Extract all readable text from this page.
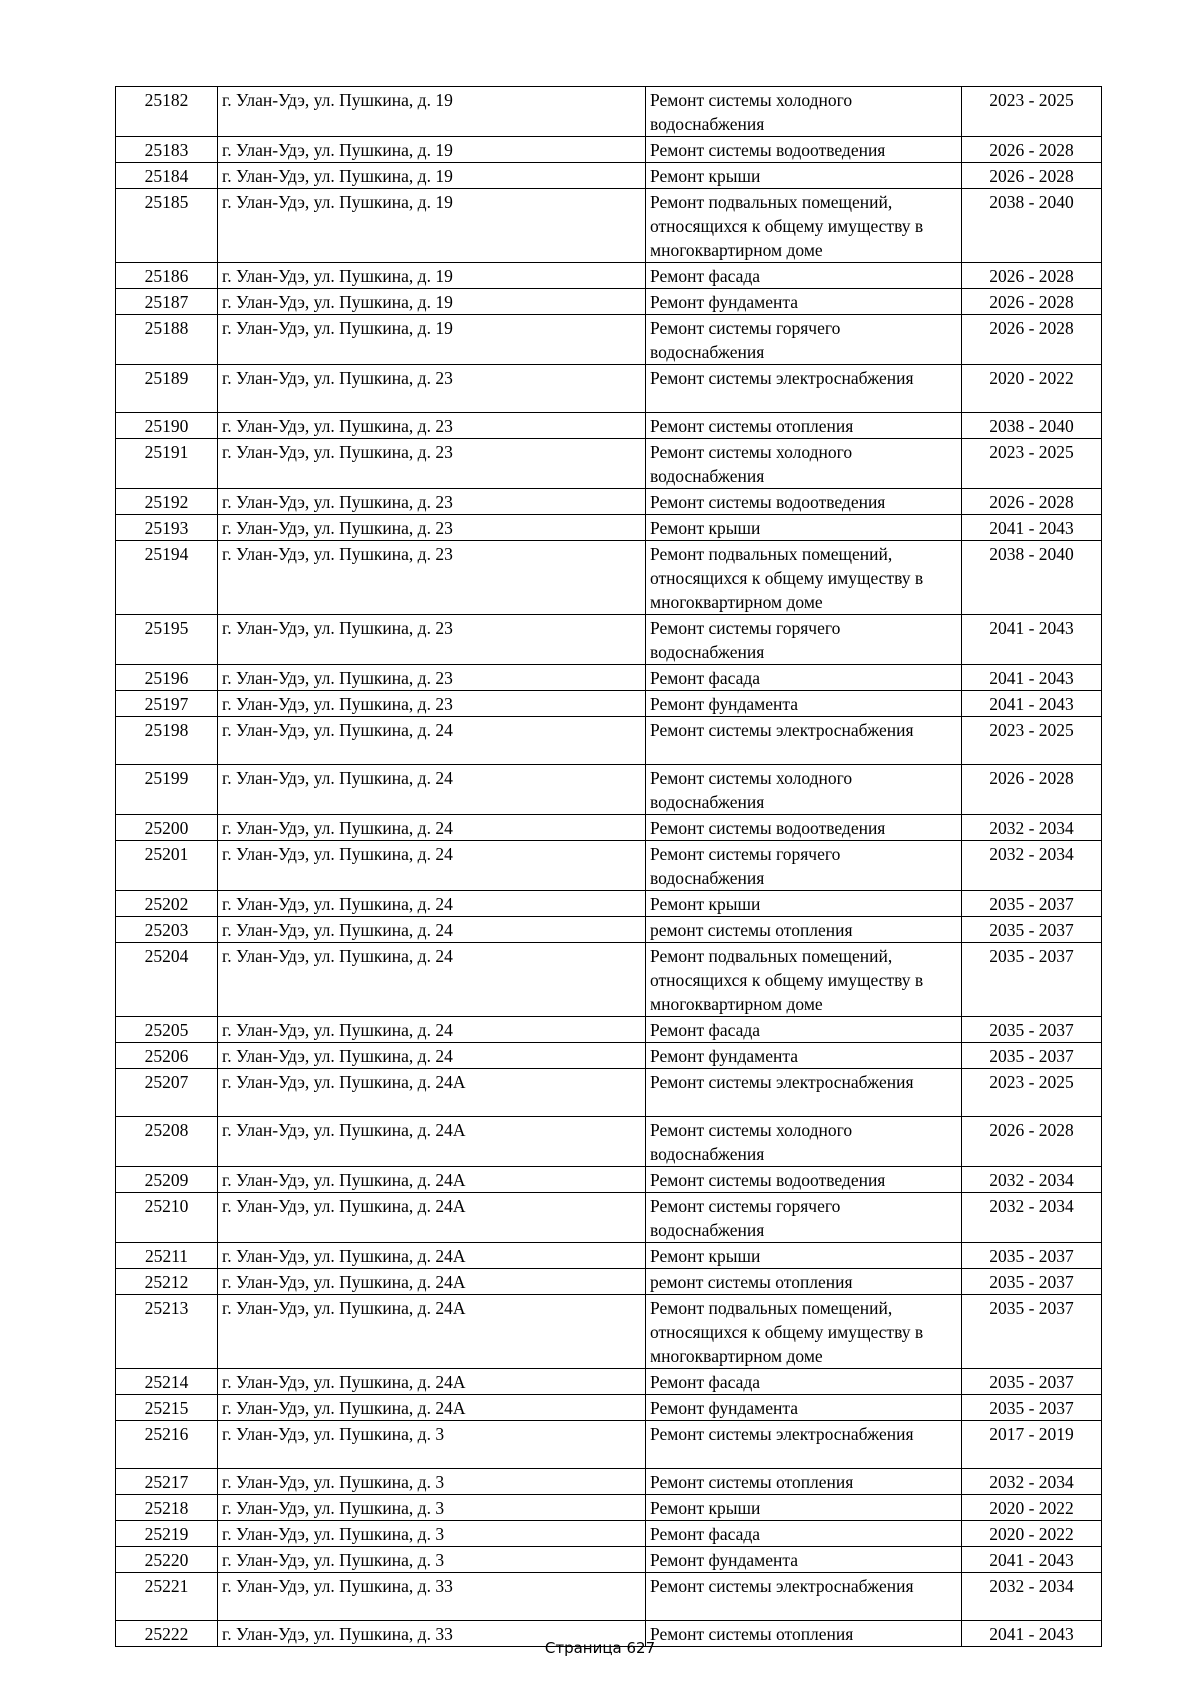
25182	г. Улан-Удэ, ул. Пушкина, д. 19	Ремонт системы холодного водоснабжения	2023 - 2025
25183	г. Улан-Удэ, ул. Пушкина, д. 19	Ремонт системы водоотведения	2026 - 2028
25184	г. Улан-Удэ, ул. Пушкина, д. 19	Ремонт крыши	2026 - 2028
25185	г. Улан-Удэ, ул. Пушкина, д. 19	Ремонт подвальных помещений, относящихся к общему имуществу в многоквартирном доме	2038 - 2040
25186	г. Улан-Удэ, ул. Пушкина, д. 19	Ремонт фасада	2026 - 2028
25187	г. Улан-Удэ, ул. Пушкина, д. 19	Ремонт фундамента	2026 - 2028
25188	г. Улан-Удэ, ул. Пушкина, д. 19	Ремонт системы горячего водоснабжения	2026 - 2028
25189	г. Улан-Удэ, ул. Пушкина, д. 23	Ремонт системы электроснабжения	2020 - 2022
25190	г. Улан-Удэ, ул. Пушкина, д. 23	Ремонт системы отопления	2038 - 2040
25191	г. Улан-Удэ, ул. Пушкина, д. 23	Ремонт системы холодного водоснабжения	2023 - 2025
25192	г. Улан-Удэ, ул. Пушкина, д. 23	Ремонт системы водоотведения	2026 - 2028
25193	г. Улан-Удэ, ул. Пушкина, д. 23	Ремонт крыши	2041 - 2043
25194	г. Улан-Удэ, ул. Пушкина, д. 23	Ремонт подвальных помещений, относящихся к общему имуществу в многоквартирном доме	2038 - 2040
25195	г. Улан-Удэ, ул. Пушкина, д. 23	Ремонт системы горячего водоснабжения	2041 - 2043
25196	г. Улан-Удэ, ул. Пушкина, д. 23	Ремонт фасада	2041 - 2043
25197	г. Улан-Удэ, ул. Пушкина, д. 23	Ремонт фундамента	2041 - 2043
25198	г. Улан-Удэ, ул. Пушкина, д. 24	Ремонт системы электроснабжения	2023 - 2025
25199	г. Улан-Удэ, ул. Пушкина, д. 24	Ремонт системы холодного водоснабжения	2026 - 2028
25200	г. Улан-Удэ, ул. Пушкина, д. 24	Ремонт системы водоотведения	2032 - 2034
25201	г. Улан-Удэ, ул. Пушкина, д. 24	Ремонт системы горячего водоснабжения	2032 - 2034
25202	г. Улан-Удэ, ул. Пушкина, д. 24	Ремонт крыши	2035 - 2037
25203	г. Улан-Удэ, ул. Пушкина, д. 24	ремонт системы отопления	2035 - 2037
25204	г. Улан-Удэ, ул. Пушкина, д. 24	Ремонт подвальных помещений, относящихся к общему имуществу в многоквартирном доме	2035 - 2037
25205	г. Улан-Удэ, ул. Пушкина, д. 24	Ремонт фасада	2035 - 2037
25206	г. Улан-Удэ, ул. Пушкина, д. 24	Ремонт фундамента	2035 - 2037
25207	г. Улан-Удэ, ул. Пушкина, д. 24А	Ремонт системы электроснабжения	2023 - 2025
25208	г. Улан-Удэ, ул. Пушкина, д. 24А	Ремонт системы холодного водоснабжения	2026 - 2028
25209	г. Улан-Удэ, ул. Пушкина, д. 24А	Ремонт системы водоотведения	2032 - 2034
25210	г. Улан-Удэ, ул. Пушкина, д. 24А	Ремонт системы горячего водоснабжения	2032 - 2034
25211	г. Улан-Удэ, ул. Пушкина, д. 24А	Ремонт крыши	2035 - 2037
25212	г. Улан-Удэ, ул. Пушкина, д. 24А	ремонт системы отопления	2035 - 2037
25213	г. Улан-Удэ, ул. Пушкина, д. 24А	Ремонт подвальных помещений, относящихся к общему имуществу в многоквартирном доме	2035 - 2037
25214	г. Улан-Удэ, ул. Пушкина, д. 24А	Ремонт фасада	2035 - 2037
25215	г. Улан-Удэ, ул. Пушкина, д. 24А	Ремонт фундамента	2035 - 2037
25216	г. Улан-Удэ, ул. Пушкина, д. 3	Ремонт системы электроснабжения	2017 - 2019
25217	г. Улан-Удэ, ул. Пушкина, д. 3	Ремонт системы отопления	2032 - 2034
25218	г. Улан-Удэ, ул. Пушкина, д. 3	Ремонт крыши	2020 - 2022
25219	г. Улан-Удэ, ул. Пушкина, д. 3	Ремонт фасада	2020 - 2022
25220	г. Улан-Удэ, ул. Пушкина, д. 3	Ремонт фундамента	2041 - 2043
25221	г. Улан-Удэ, ул. Пушкина, д. 33	Ремонт системы электроснабжения	2032 - 2034
25222	г. Улан-Удэ, ул. Пушкина, д. 33	Ремонт системы отопления	2041 - 2043
Страница 627
